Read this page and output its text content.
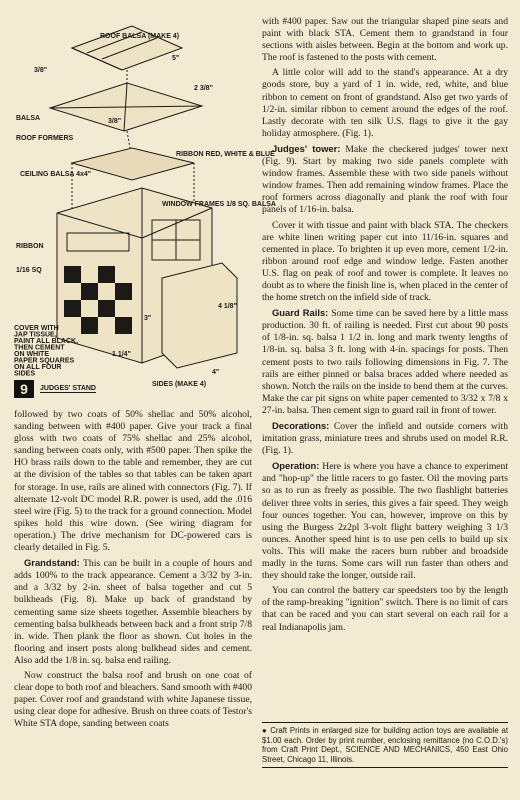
ROOF BALSA (MAKE 4)
5"
3/8"
3/8"
2 3/8"
BALSA
ROOF FORMERS
RIBBON RED, WHITE & BLUE
CEILING BALSA 4x4"
WINDOW FRAMES 1/8 SQ. BALSA
RIBBON
1/16 SQ
COVER WITH JAP TISSUE, PAINT ALL BLACK, THEN CEMENT ON WHITE PAPER SQUARES ON ALL FOUR SIDES
4 1/8"
3"
1 1/4"
SIDES (MAKE 4)
4"
9	JUDGES' STAND

followed by two coats of 50% shellac and 50% alcohol, sanding between with #400 paper. Give your track a final gloss with two coats of 75% shellac and 25% alcohol, sanding between coats only, with #500 paper. Then spike the HO brass rails down to the table and remember, they are cut at the division of the tables so that tables can be taken apart for storage. In use, rails are alined with connectors (Fig. 7). If alternate 12-volt DC model R.R. power is used, add the .016 steel wire (Fig. 5) to the track for a ground connection. Model spikes hold this wire down. (See wiring diagram for operation.) The drive mechanism for DC-powered cars is clearly detailed in Fig. 5.

Grandstand: This can be built in a couple of hours and adds 100% to the track appearance. Cement a 3/32 by 3-in. and a 3/32 by 2-in. sheet of balsa together and cut 5 bulkheads (Fig. 8). Make up back of grandstand by cementing same size sheets together. Assemble bleachers by cementing balsa bulkheads between back and a front strip 7/8 in. wide. Then plank the floor as shown. Cut holes in the flooring and insert posts along bulkhead sides and cement. Also add the 1/8 in. sq. balsa end railing.

Now construct the balsa roof and brush on one coat of clear dope to both roof and bleachers. Sand smooth with #400 paper. Cover roof and grandstand with white Japanese tissue, using clear dope for adhesive. Brush on three coats of Testor's White STA dope, sanding between coats

with #400 paper. Saw out the triangular shaped pine seats and paint with black STA. Cement them to grandstand in four sections with aisles between. Begin at the bottom and work up. The roof is fastened to the posts with cement.

A little color will add to the stand's appearance. At a dry goods store, buy a yard of 1 in. wide, red, white, and blue ribbon to cement on front of grandstand. Also get two yards of 1/2-in. similar ribbon to cement around the edges of the roof. Lastly decorate with ten silk U.S. flags to give it the gay holiday atmosphere. (Fig. 1).

Judges' tower: Make the checkered judges' tower next (Fig. 9). Start by making two side panels complete with window frames. Assemble these with two side panels without window frames. Then add remaining window frames. Place the roof formers across diagonally and plank the roof with four panels of 1/16-in. balsa.

Cover it with tissue and paint with black STA. The checkers are white linen writing paper cut into 11/16-in. squares and cemented in place. To brighten it up even more, cement 1/2-in. ribbon around roof edge and window ledge. Fasten another U.S. flag on peak of roof and tower is complete. It leaves no doubt as to where the finish line is, when placed in the center of the home stretch on the infield side of track.

Guard Rails: Some time can be saved here by a little mass production. 30 ft. of railing is needed. First cut about 90 posts of 1/8-in. sq. balsa 1 1/2 in. long and mark twenty lengths of 1/8-in. sq. balsa 3 ft. long with 4-in. spacings for posts. Then cement posts to two rails following dimensions in Fig. 7. The rails are either pinned or balsa braces added where needed as shown. Notch the rails on the inside to bend them at the curves. Make the car pit signs on white paper cemented to 3/32 x 7/8 x 27-in. balsa. Then cement sign to guard rail in front of tower.

Decorations: Cover the infield and outside corners with imitation grass, miniature trees and shrubs used on model R.R. (Fig. 1).

Operation: Here is where you have a chance to experiment and "hop-up" the little racers to go faster. Oil the moving parts so as to run as freely as possible. The two flashlight batteries deliver three volts in series, this gives a fair speed. They weigh four ounces together. You can, however, improve on this by using the Burgess 2z2pl 3-volt flight battery weighing 3 1/3 ounces. Another speed hint is to use pen cells to build up six volts. This will make the racers burn rubber and broadside madly in the turns. Some cars will run faster than others and they should take the longer, outside rail.

You can control the battery car speedsters too by the length of the ramp-breaking "ignition" switch. There is no limit of cars that can be raced and you can start several on each rail for a real Indianapolis jam.

● Craft Prints in enlarged size for building action toys are available at $1.00 each. Order by print number, enclosing remittance (no C.O.D.'s) from Craft Print Dept., SCIENCE AND MECHANICS, 450 East Ohio Street, Chicago 11, Illinois.
